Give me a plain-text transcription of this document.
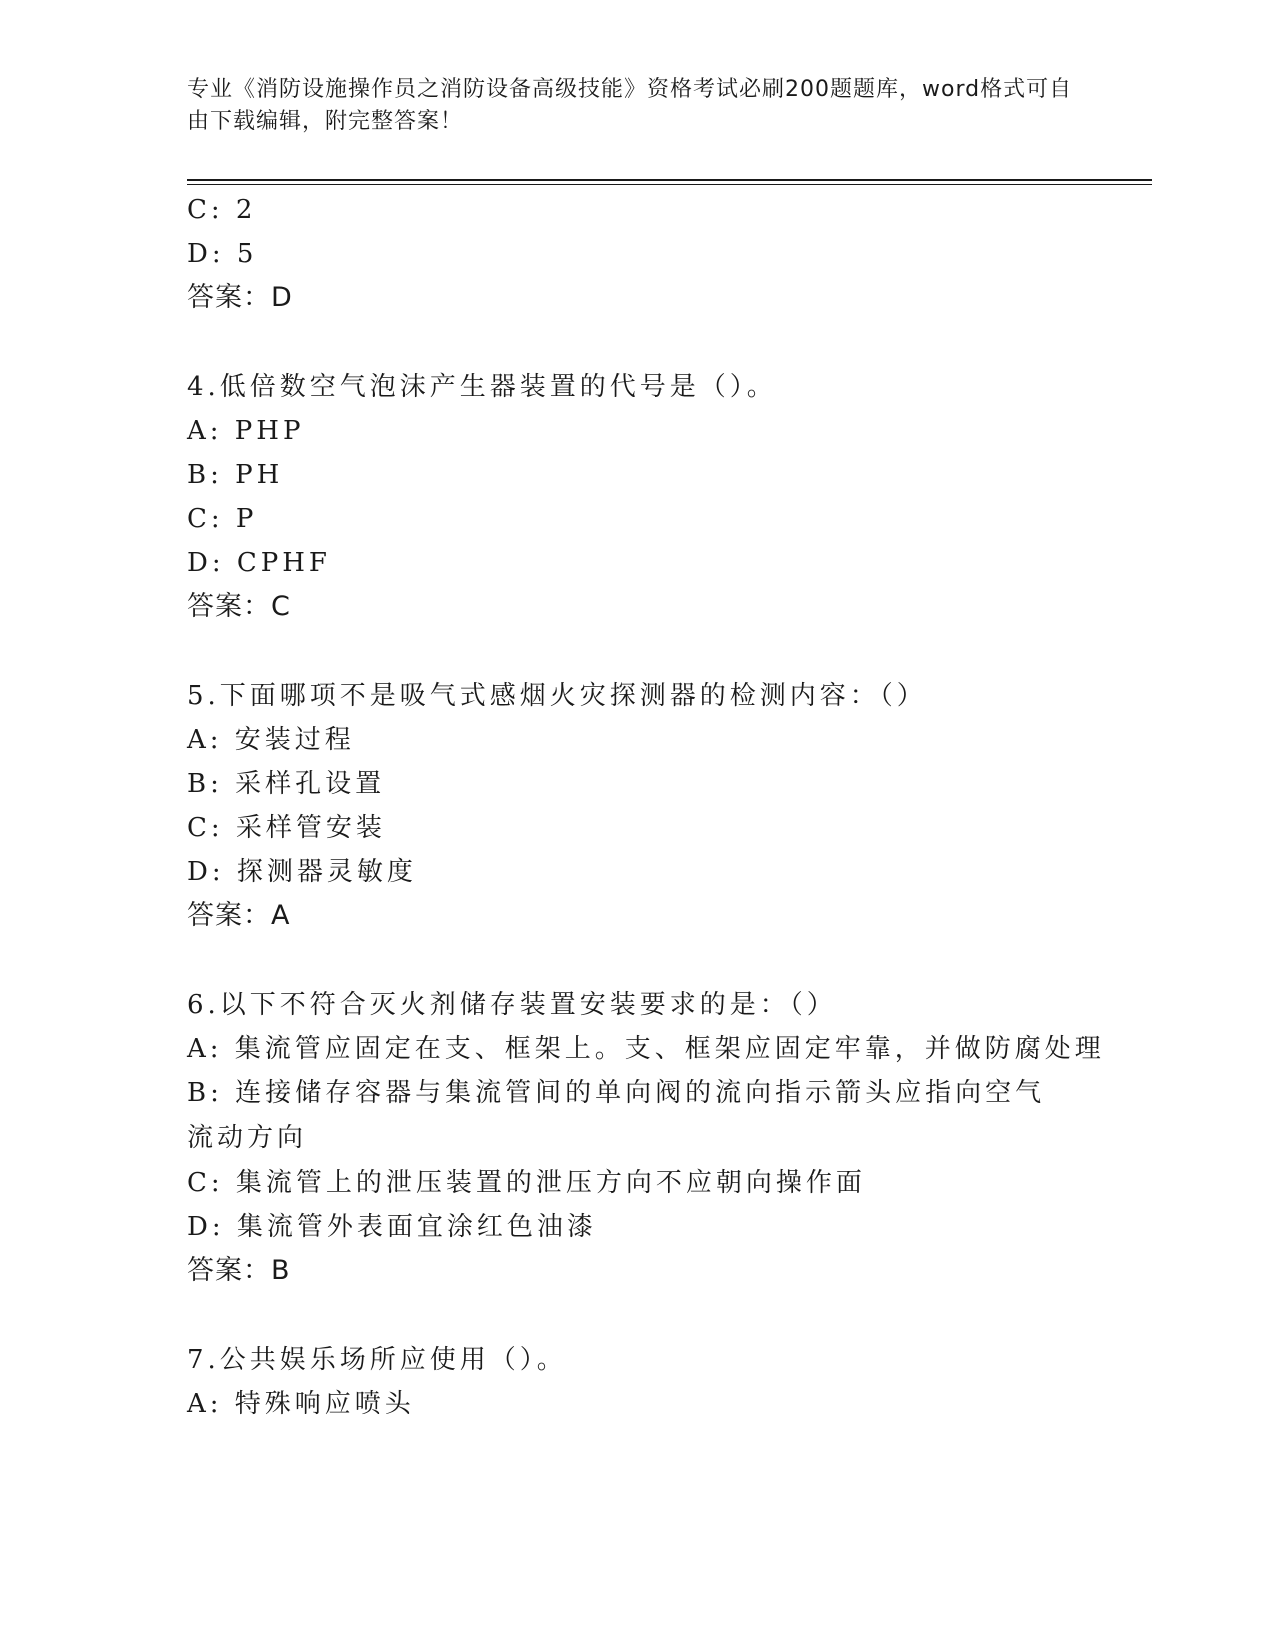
专业《消防设施操作员之消防设备高级技能》资格考试必刷200题题库，word格式可自由下载编辑，附完整答案！
C: 2
D: 5
答案：D
4.低倍数空气泡沫产生器装置的代号是（）。
A: PHP
B: PH
C: P
D: CPHF
答案：C
5.下面哪项不是吸气式感烟火灾探测器的检测内容：（）
A: 安装过程
B: 采样孔设置
C: 采样管安装
D: 探测器灵敏度
答案：A
6.以下不符合灭火剂储存装置安装要求的是：（）
A: 集流管应固定在支、框架上。支、框架应固定牢靠，并做防腐处理
B: 连接储存容器与集流管间的单向阀的流向指示箭头应指向空气流动方向
C: 集流管上的泄压装置的泄压方向不应朝向操作面
D: 集流管外表面宜涂红色油漆
答案：B
7.公共娱乐场所应使用（）。
A: 特殊响应喷头
